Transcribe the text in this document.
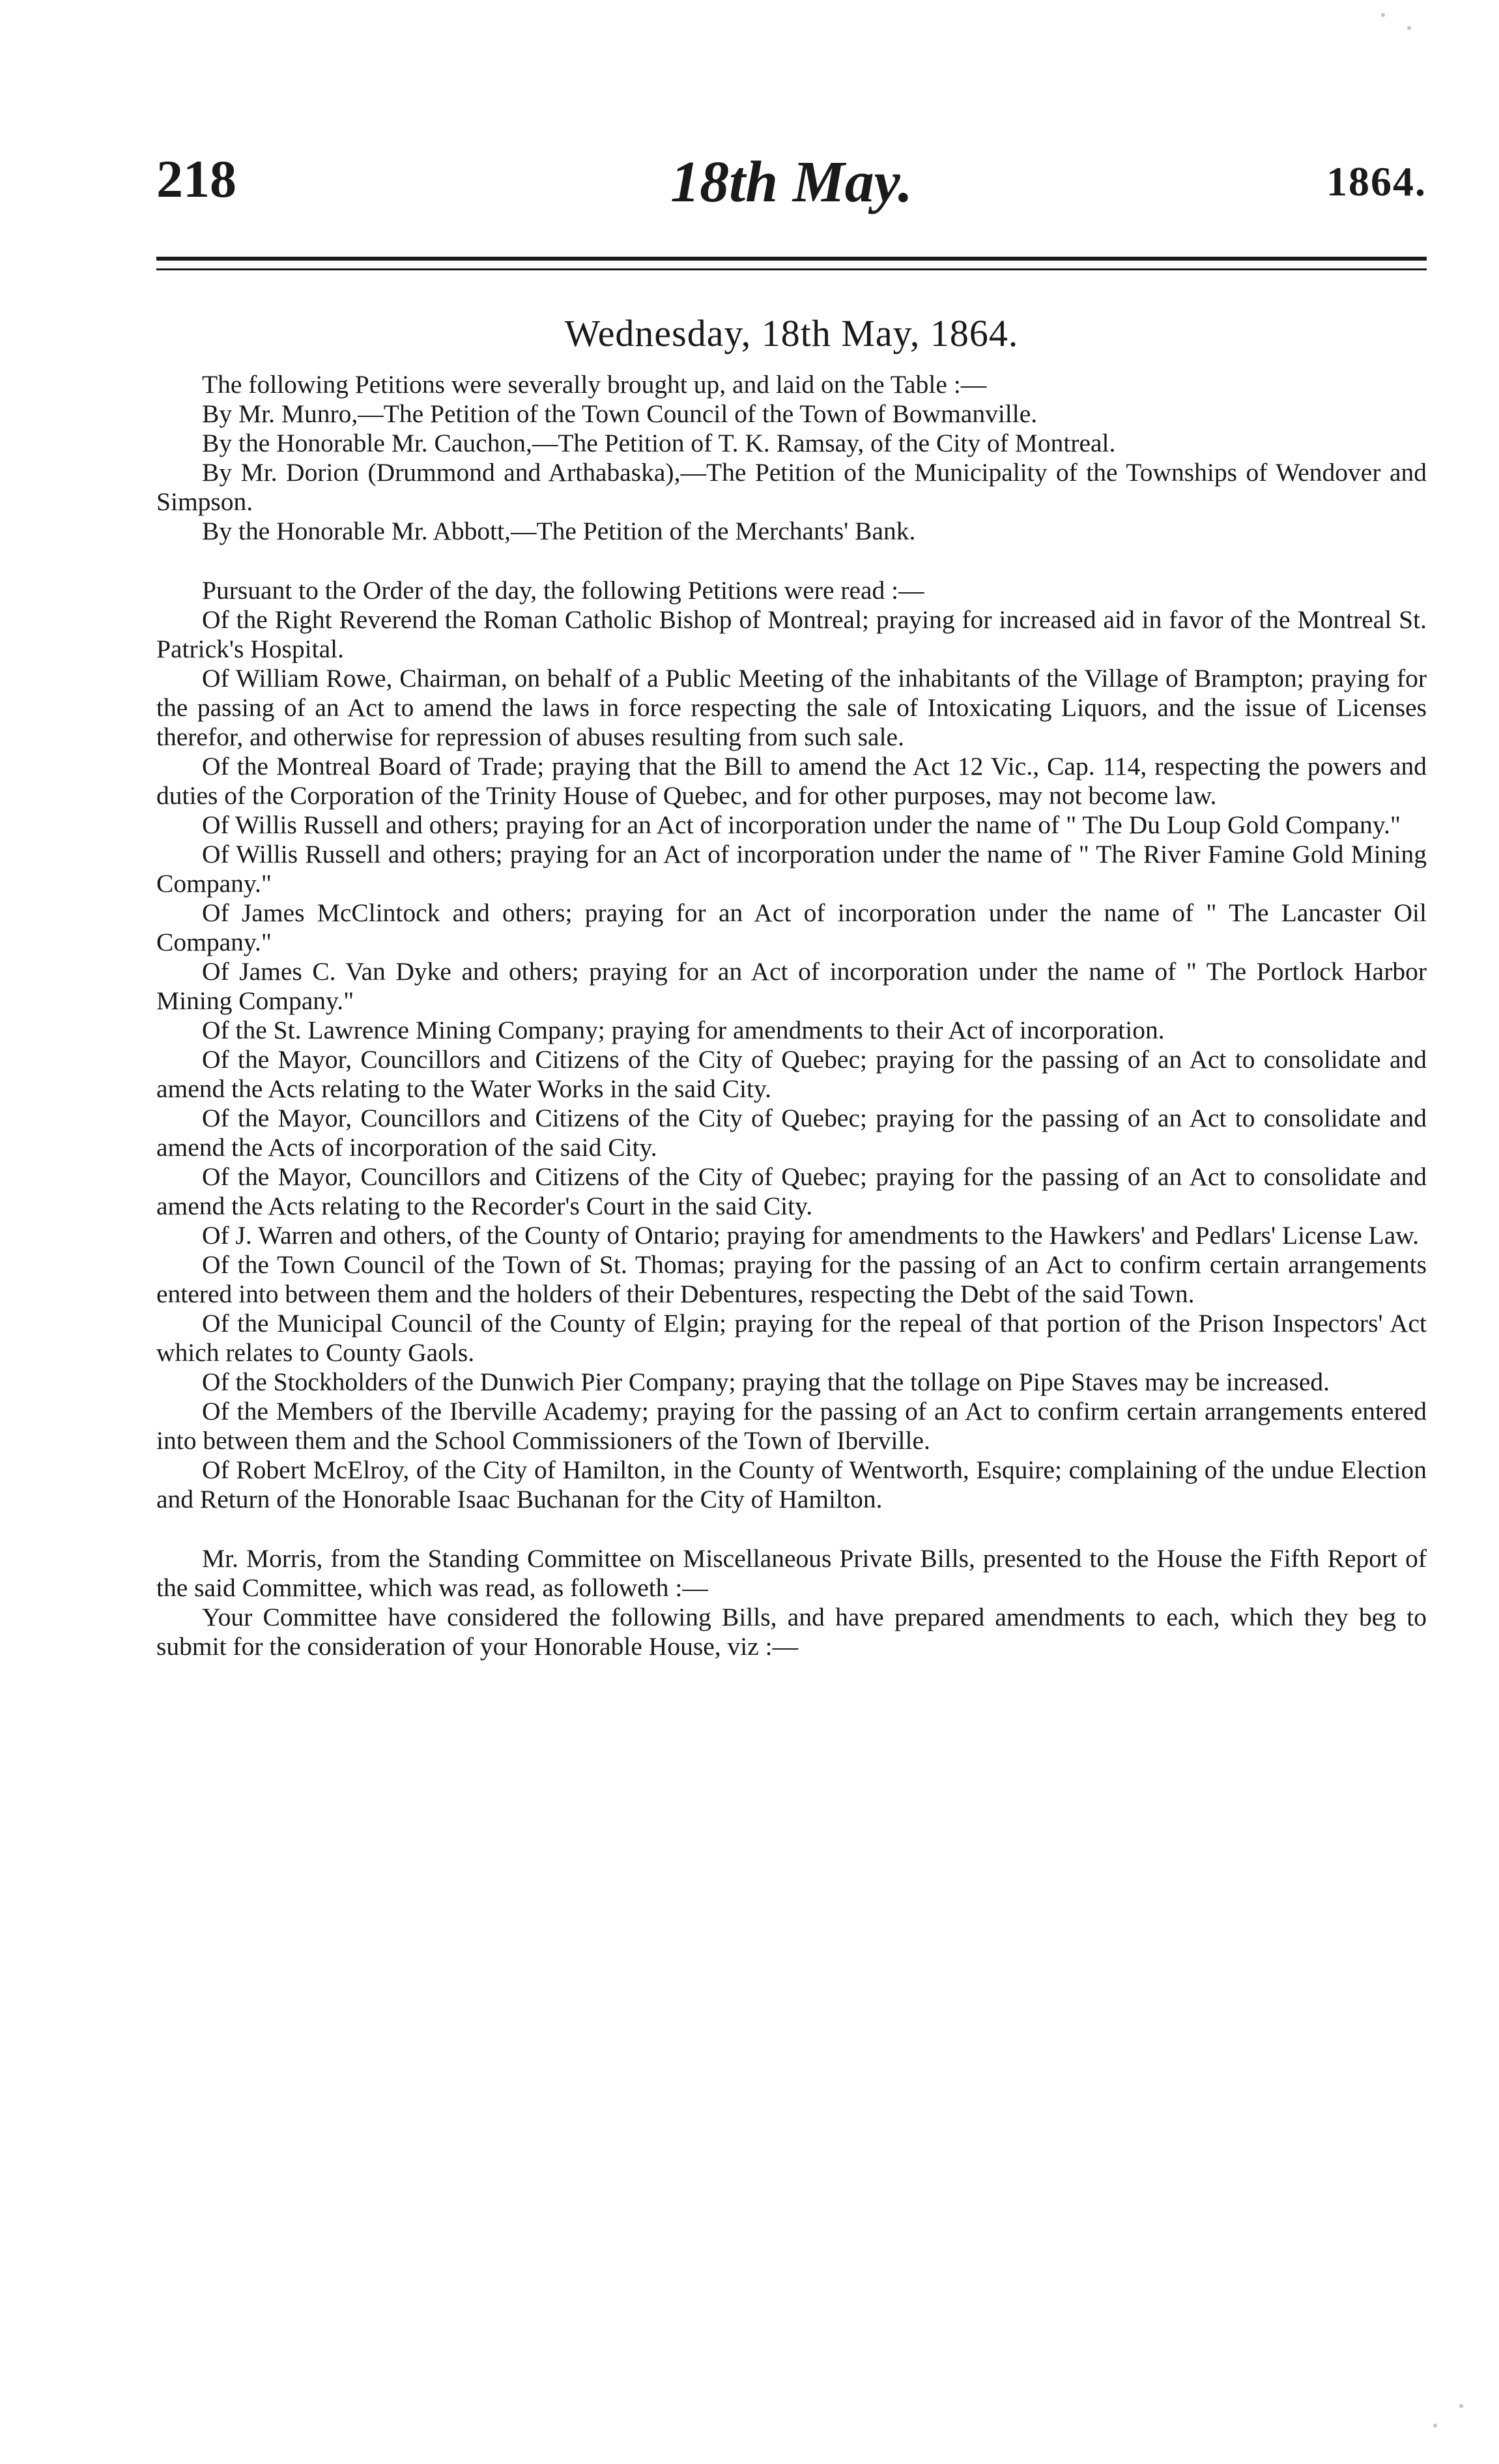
18th May.
218	1864.
Wednesday, 18th May, 1864.

The following Petitions were severally brought up, and laid on the Table :—

By Mr. Munro,—The Petition of the Town Council of the Town of Bowmanville.

By the Honorable Mr. Cauchon,—The Petition of T. K. Ramsay, of the City of Montreal.

By Mr. Dorion (Drummond and Arthabaska),—The Petition of the Municipality of the Townships of Wendover and Simpson.

By the Honorable Mr. Abbott,—The Petition of the Merchants' Bank.

Pursuant to the Order of the day, the following Petitions were read :—

Of the Right Reverend the Roman Catholic Bishop of Montreal; praying for increased aid in favor of the Montreal St. Patrick's Hospital.

Of William Rowe, Chairman, on behalf of a Public Meeting of the inhabitants of the Village of Brampton; praying for the passing of an Act to amend the laws in force respecting the sale of Intoxicating Liquors, and the issue of Licenses therefor, and otherwise for repression of abuses resulting from such sale.

Of the Montreal Board of Trade; praying that the Bill to amend the Act 12 Vic., Cap. 114, respecting the powers and duties of the Corporation of the Trinity House of Quebec, and for other purposes, may not become law.

Of Willis Russell and others; praying for an Act of incorporation under the name of " The Du Loup Gold Company."

Of Willis Russell and others; praying for an Act of incorporation under the name of " The River Famine Gold Mining Company."

Of James McClintock and others; praying for an Act of incorporation under the name of " The Lancaster Oil Company."

Of James C. Van Dyke and others; praying for an Act of incorporation under the name of " The Portlock Harbor Mining Company."

Of the St. Lawrence Mining Company; praying for amendments to their Act of incorporation.

Of the Mayor, Councillors and Citizens of the City of Quebec; praying for the passing of an Act to consolidate and amend the Acts relating to the Water Works in the said City.

Of the Mayor, Councillors and Citizens of the City of Quebec; praying for the passing of an Act to consolidate and amend the Acts of incorporation of the said City.

Of the Mayor, Councillors and Citizens of the City of Quebec; praying for the passing of an Act to consolidate and amend the Acts relating to the Recorder's Court in the said City.

Of J. Warren and others, of the County of Ontario; praying for amendments to the Hawkers' and Pedlars' License Law.

Of the Town Council of the Town of St. Thomas; praying for the passing of an Act to confirm certain arrangements entered into between them and the holders of their Debentures, respecting the Debt of the said Town.

Of the Municipal Council of the County of Elgin; praying for the repeal of that portion of the Prison Inspectors' Act which relates to County Gaols.

Of the Stockholders of the Dunwich Pier Company; praying that the tollage on Pipe Staves may be increased.

Of the Members of the Iberville Academy; praying for the passing of an Act to confirm certain arrangements entered into between them and the School Commissioners of the Town of Iberville.

Of Robert McElroy, of the City of Hamilton, in the County of Wentworth, Esquire; complaining of the undue Election and Return of the Honorable Isaac Buchanan for the City of Hamilton.

Mr. Morris, from the Standing Committee on Miscellaneous Private Bills, presented to the House the Fifth Report of the said Committee, which was read, as followeth :—

Your Committee have considered the following Bills, and have prepared amendments to each, which they beg to submit for the consideration of your Honorable House, viz :—
